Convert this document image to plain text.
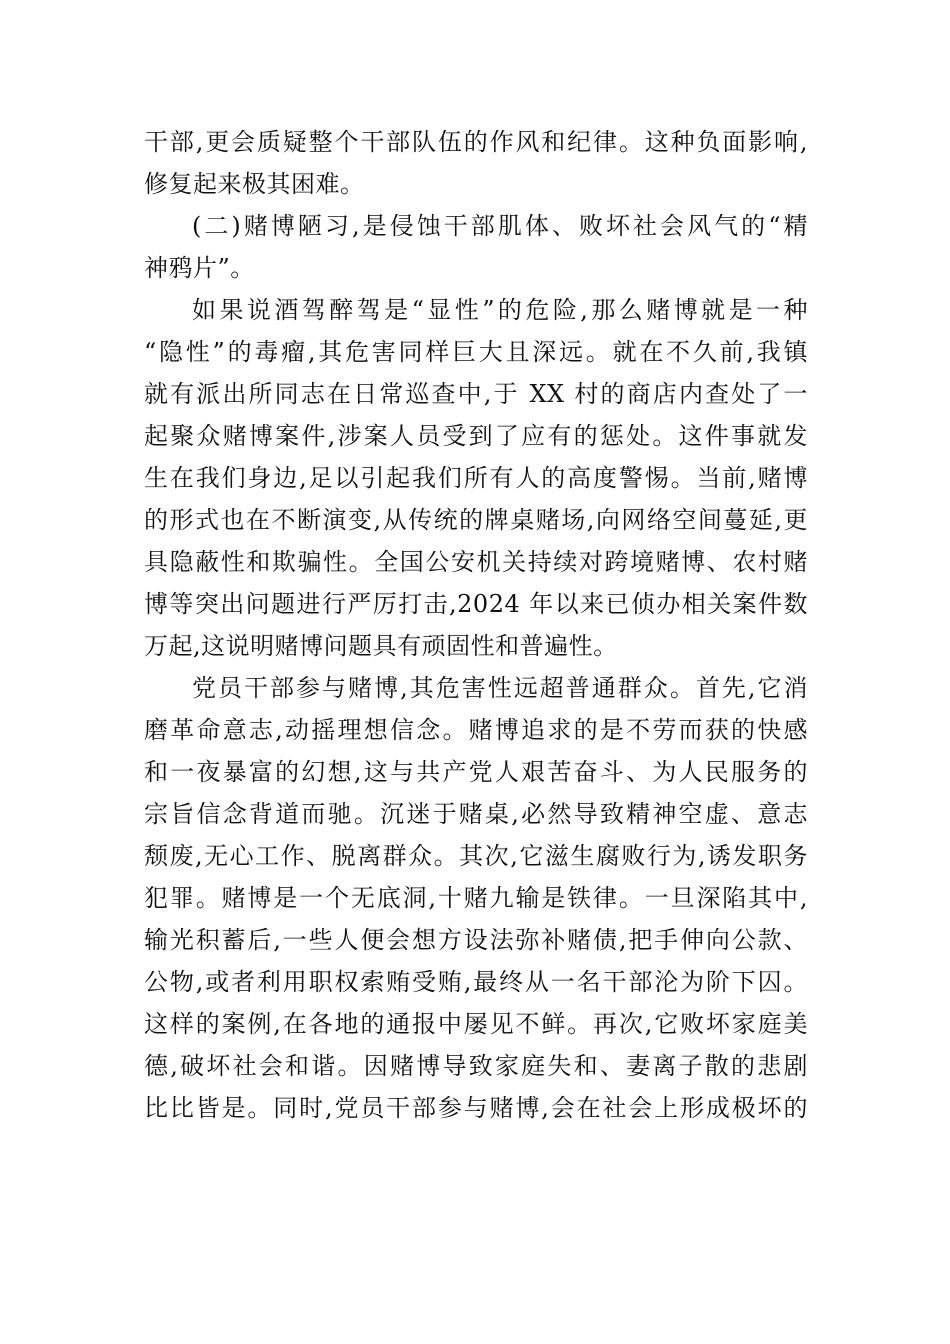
干部,更会质疑整个干部队伍的作风和纪律。这种负面影响,
修复起来极其困难。
(二)赌博陋习,是侵蚀干部肌体、败坏社会风气的“精
神鸦片”。
如果说酒驾醉驾是“显性”的危险,那么赌博就是一种
“隐性”的毒瘤,其危害同样巨大且深远。就在不久前,我镇
就有派出所同志在日常巡查中,于 XX 村的商店内查处了一
起聚众赌博案件,涉案人员受到了应有的惩处。这件事就发
生在我们身边,足以引起我们所有人的高度警惕。当前,赌博
的形式也在不断演变,从传统的牌桌赌场,向网络空间蔓延,更
具隐蔽性和欺骗性。全国公安机关持续对跨境赌博、农村赌
博等突出问题进行严厉打击,2024 年以来已侦办相关案件数
万起,这说明赌博问题具有顽固性和普遍性。
党员干部参与赌博,其危害性远超普通群众。首先,它消
磨革命意志,动摇理想信念。赌博追求的是不劳而获的快感
和一夜暴富的幻想,这与共产党人艰苦奋斗、为人民服务的
宗旨信念背道而驰。沉迷于赌桌,必然导致精神空虚、意志
颓废,无心工作、脱离群众。其次,它滋生腐败行为,诱发职务
犯罪。赌博是一个无底洞,十赌九输是铁律。一旦深陷其中,
输光积蓄后,一些人便会想方设法弥补赌债,把手伸向公款、
公物,或者利用职权索贿受贿,最终从一名干部沦为阶下囚。
这样的案例,在各地的通报中屡见不鲜。再次,它败坏家庭美
德,破坏社会和谐。因赌博导致家庭失和、妻离子散的悲剧
比比皆是。同时,党员干部参与赌博,会在社会上形成极坏的
